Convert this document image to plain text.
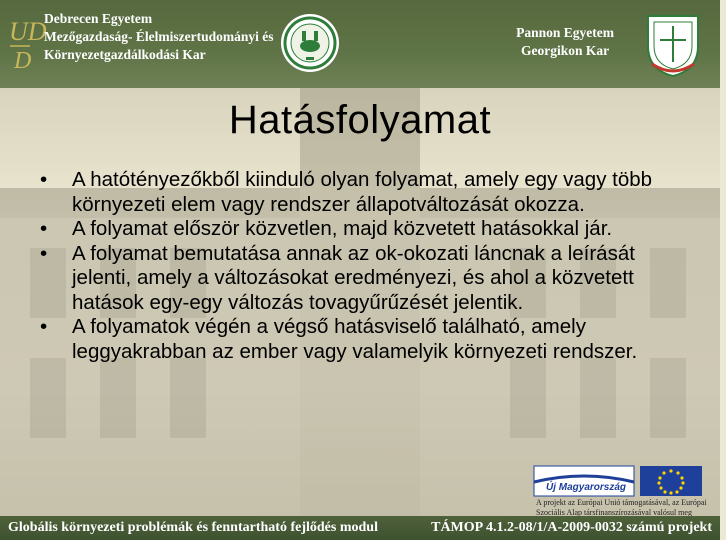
UD
D
Debrecen Egyetem
Mezőgazdaság- Élelmiszertudományi és
Környezetgazdálkodási Kar
Pannon Egyetem
Georgikon Kar
Hatásfolyamat
• A hatótényezőkből kiinduló olyan folyamat, amely egy vagy több környezeti elem vagy rendszer állapotváltozását okozza.
• A folyamat először közvetlen, majd közvetett hatásokkal jár.
• A folyamat bemutatása annak az ok-okozati láncnak a leírását jelenti, amely a változásokat eredményezi, és ahol a közvetett hatások egy-egy változás tovagyűrűzését jelentik.
• A folyamatok végén a végső hatásviselő található, amely leggyakrabban az ember vagy valamelyik környezeti rendszer.
Új Magyarország
A projekt az Európai Unió támogatásával, az Európai Szociális Alap társfinanszírozásával valósul meg
Globális környezeti problémák és fenntartható fejlődés modul	TÁMOP 4.1.2-08/1/A-2009-0032 számú projekt
